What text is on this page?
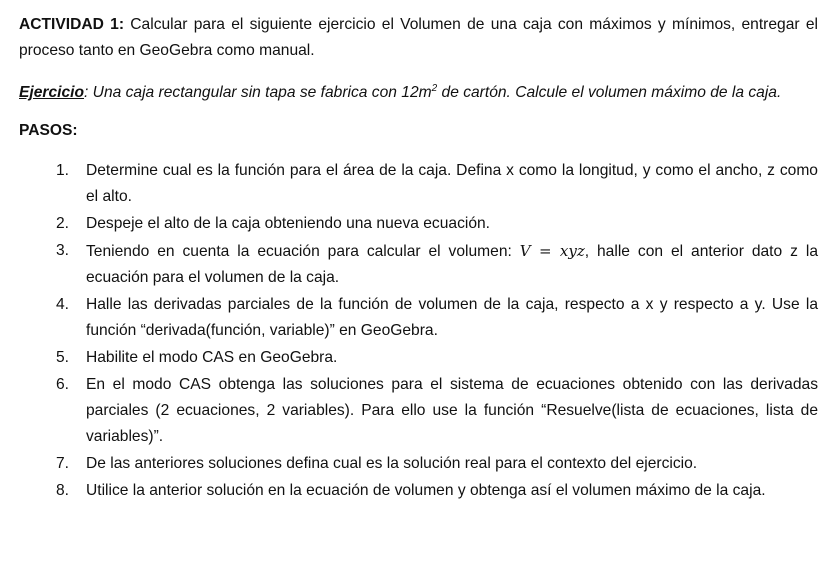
ACTIVIDAD 1: Calcular para el siguiente ejercicio el Volumen de una caja con máximos y mínimos, entregar el proceso tanto en GeoGebra como manual.

Ejercicio: Una caja rectangular sin tapa se fabrica con $12m^2$ de cartón. Calcule el volumen máximo de la caja.

PASOS:

1.	Determine cual es la función para el área de la caja. Defina x como la longitud, y como el ancho, z como el alto.
2.	Despeje el alto de la caja obteniendo una nueva ecuación.
3.	Teniendo en cuenta la ecuación para calcular el volumen: V = xyz, halle con el anterior dato z la ecuación para el volumen de la caja.
4.	Halle las derivadas parciales de la función de volumen de la caja, respecto a x y respecto a y. Use la función “derivada(función, variable)” en GeoGebra.
5.	Habilite el modo CAS en GeoGebra.
6.	En el modo CAS obtenga las soluciones para el sistema de ecuaciones obtenido con las derivadas parciales (2 ecuaciones, 2 variables). Para ello use la función “Resuelve(lista de ecuaciones, lista de variables)”.
7.	De las anteriores soluciones defina cual es la solución real para el contexto del ejercicio.
8.	Utilice la anterior solución en la ecuación de volumen y obtenga así el volumen máximo de la caja.
